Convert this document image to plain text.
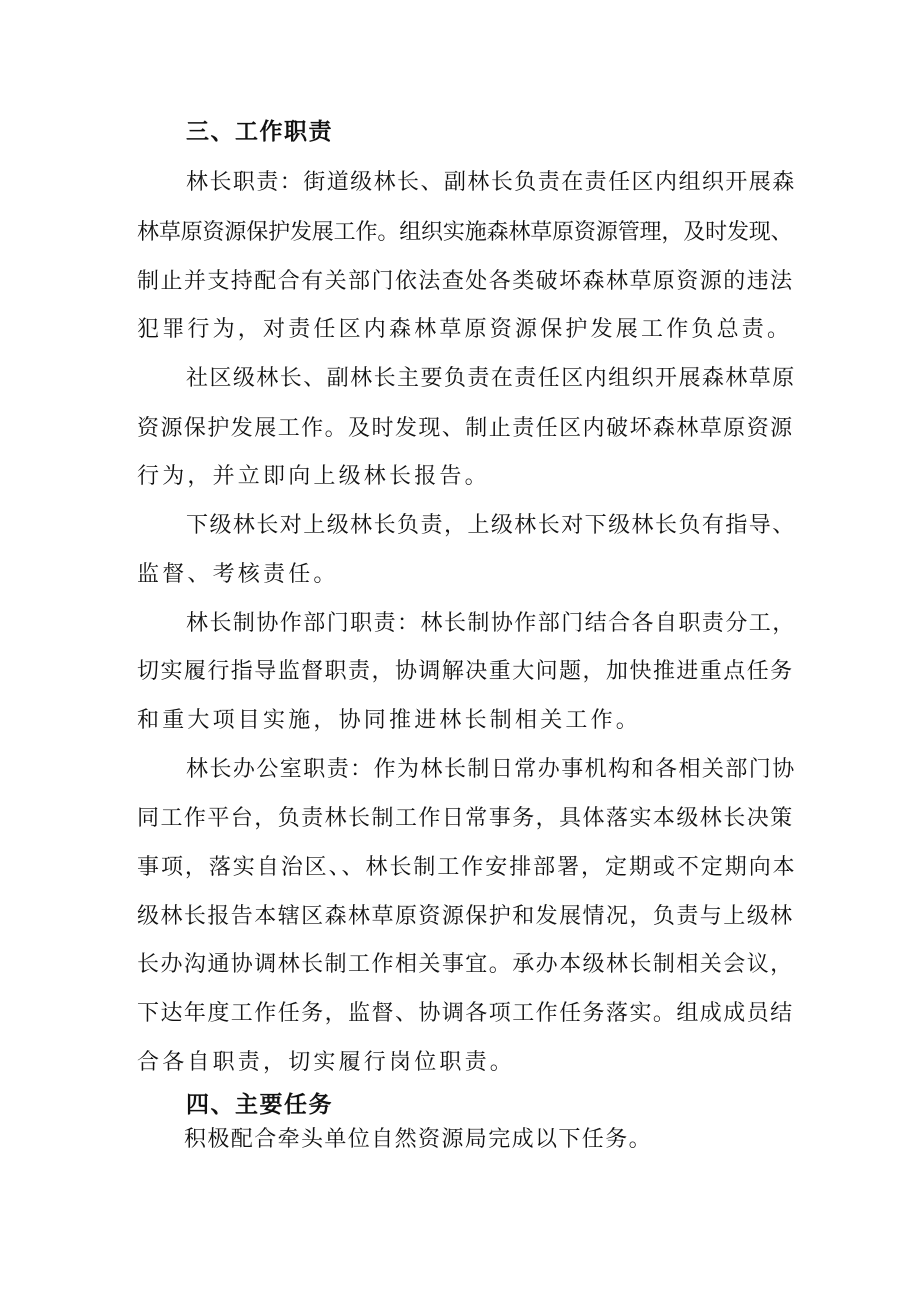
三、工作职责
林长职责：街道级林长、副林长负责在责任区内组织开展森
林草原资源保护发展工作。组织实施森林草原资源管理，及时发现、
制止并支持配合有关部门依法查处各类破坏森林草原资源的违法
犯罪行为，对责任区内森林草原资源保护发展工作负总责。
社区级林长、副林长主要负责在责任区内组织开展森林草原
资源保护发展工作。及时发现、制止责任区内破坏森林草原资源
行为，并立即向上级林长报告。
下级林长对上级林长负责，上级林长对下级林长负有指导、
监督、考核责任。
林长制协作部门职责：林长制协作部门结合各自职责分工，
切实履行指导监督职责，协调解决重大问题，加快推进重点任务
和重大项目实施，协同推进林长制相关工作。
林长办公室职责：作为林长制日常办事机构和各相关部门协
同工作平台，负责林长制工作日常事务，具体落实本级林长决策
事项，落实自治区、、林长制工作安排部署，定期或不定期向本
级林长报告本辖区森林草原资源保护和发展情况，负责与上级林
长办沟通协调林长制工作相关事宜。承办本级林长制相关会议，
下达年度工作任务，监督、协调各项工作任务落实。组成成员结
合各自职责，切实履行岗位职责。
四、主要任务
积极配合牵头单位自然资源局完成以下任务。
